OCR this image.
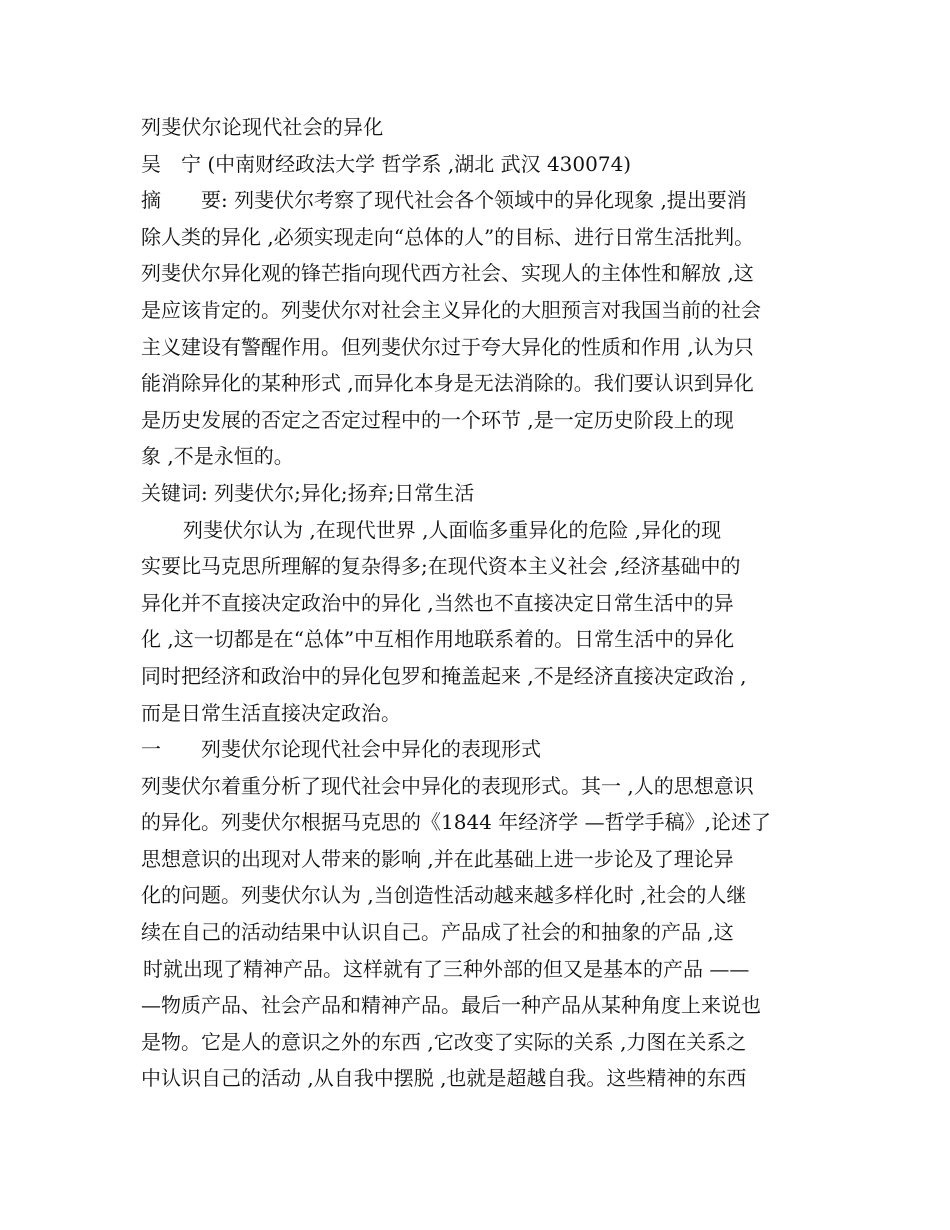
列斐伏尔论现代社会的异化
吴　宁 (中南财经政法大学 哲学系 ,湖北 武汉 430074)
摘　　要: 列斐伏尔考察了现代社会各个领域中的异化现象 ,提出要消
除人类的异化 ,必须实现走向“总体的人”的目标、进行日常生活批判。
列斐伏尔异化观的锋芒指向现代西方社会、实现人的主体性和解放 ,这
是应该肯定的。列斐伏尔对社会主义异化的大胆预言对我国当前的社会
主义建设有警醒作用。但列斐伏尔过于夸大异化的性质和作用 ,认为只
能消除异化的某种形式 ,而异化本身是无法消除的。我们要认识到异化
是历史发展的否定之否定过程中的一个环节 ,是一定历史阶段上的现
象 ,不是永恒的。
关键词: 列斐伏尔;异化;扬弃;日常生活
列斐伏尔认为 ,在现代世界 ,人面临多重异化的危险 ,异化的现
实要比马克思所理解的复杂得多;在现代资本主义社会 ,经济基础中的
异化并不直接决定政治中的异化 ,当然也不直接决定日常生活中的异
化 ,这一切都是在“总体”中互相作用地联系着的。日常生活中的异化
同时把经济和政治中的异化包罗和掩盖起来 ,不是经济直接决定政治 ,
而是日常生活直接决定政治。
一　　列斐伏尔论现代社会中异化的表现形式
列斐伏尔着重分析了现代社会中异化的表现形式。其一 ,人的思想意识
的异化。列斐伏尔根据马克思的《1844 年经济学 —哲学手稿》,论述了
思想意识的出现对人带来的影响 ,并在此基础上进一步论及了理论异
化的问题。列斐伏尔认为 ,当创造性活动越来越多样化时 ,社会的人继
续在自己的活动结果中认识自己。产品成了社会的和抽象的产品 ,这
时就出现了精神产品。这样就有了三种外部的但又是基本的产品 ——
—物质产品、社会产品和精神产品。最后一种产品从某种角度上来说也
是物。它是人的意识之外的东西 ,它改变了实际的关系 ,力图在关系之
中认识自己的活动 ,从自我中摆脱 ,也就是超越自我。这些精神的东西
